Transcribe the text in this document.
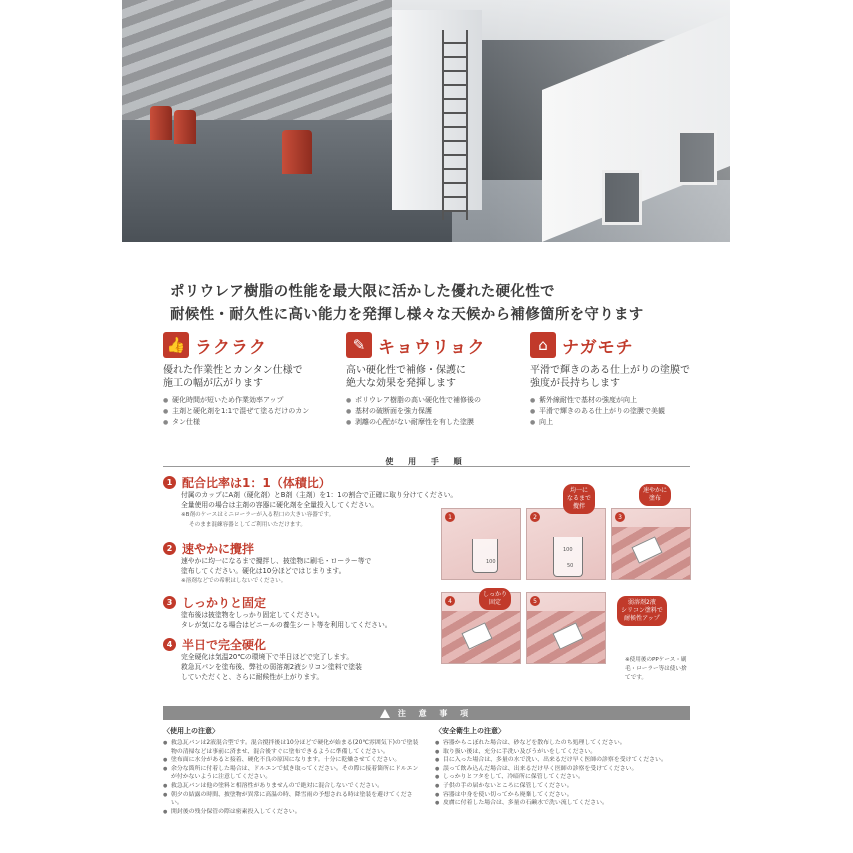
ポリウレア樹脂の性能を最大限に活かした優れた硬化性で

耐候性・耐久性に高い能力を発揮し様々な天候から補修箇所を守ります

👍 ラクラク
優れた作業性とカンタン仕様で
施工の幅が広がります
● 硬化時間が短いため作業効率アップ
● 主剤と硬化剤を1:1で混ぜて塗るだけのカン
● タン仕様
✎ キョウリョク
高い硬化性で補修・保護に
絶大な効果を発揮します
● ポリウレア樹脂の高い硬化性で補修後の
● 基材の破断面を強力保護
● 剥離の心配がない耐摩性を有した塗膜
⌂ ナガモチ
平滑で輝きのある仕上がりの塗膜で
強度が長持ちします
● 紫外線耐性で基材の強度が向上
● 平滑で輝きのある仕上がりの塗膜で美観
● 向上
使 用 手 順
1 配合比率は1：1（体積比）
付属のカップにA剤（硬化剤）とB剤（主剤）を1：1の割合で正確に取り分けてください。
全量使用の場合は主剤の容器に硬化剤を全量投入してください。
※B剤のケースはミニローラーが入る程口の大きい容器です。
そのまま混練容器としてご利用いただけます。
2 速やかに攪拌
速やかに均一になるまで攪拌し、披塗物に刷毛・ローラー等で
塗布してください。硬化は10分ほどではじまります。
※溶剤などでの希釈はしないでください。
3 しっかりと固定
塗布後は披塗物をしっかり固定してください。
タレが気になる場合はビニールの養生シート等を利用してください。
4 半日で完全硬化
完全硬化は気温20℃の環境下で半日ほどで完了します。
救急瓦パンを塗布後、弊社の弱溶剤2液シリコン塗料で塗装
していただくと、さらに耐候性が上がります。
1
100
2
100
50
均一に
なるまで
攪拌
3
速やかに
塗布
4
しっかり
固定	5	弱溶剤2液
シリコン塗料で
耐候性アップ
※使用後のPPケース・刷毛・ローラー等は使い捨てです。
注 意 事 項
〈使用上の注意〉
● 救急瓦パンは2液混合型です。混合撹拌後は10分ほどで硬化が始まる(20℃雰囲気下)ので塗装物の清掃などは事前に済ませ、混合後すぐに塗布できるように準備してください。
● 塗布面に水分があると接着、硬化不良の原因になります。十分に乾燥させてください。
● 余分な箇所に付着した場合は、ドルエンで拭き取ってください。その際に接着箇所にドルエンが付かないように注意してください。
● 救急瓦パンは他の塗料と相溶性がありませんので絶対に混合しないでください。
● 朝夕の結露の時間、披塗物が異常に高温の時、降雪雨の予想される時は塗装を避けてください。
● 開封後の残分保管の際は密素投入してください。
〈安全衛生上の注意〉
● 容器からこぼれた場合は、砂などを散布したのち処理してください。
● 取り扱い後は、充分に手洗い及びうがいをしてください。
● 目に入った場合は、多量の水で洗い、出来るだけ早く医師の診察を受けてください。
● 誤って飲み込んだ場合は、出来るだけ早く医師の診察を受けてください。
● しっかりとフタをして、冷暗所に保管してください。
● 子供の手の届かないところに保管してください。
● 容器は中身を使い切ってから廃棄してください。
● 皮膚に付着した場合は、多量の石鹸水で洗い流してください。
